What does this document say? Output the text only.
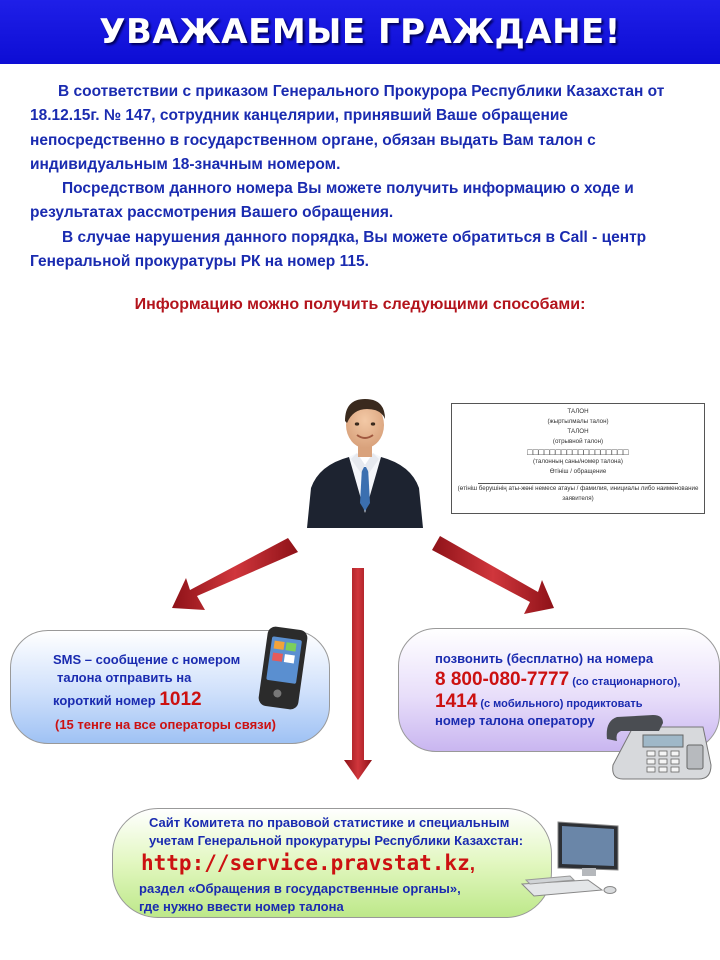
УВАЖАЕМЫЕ ГРАЖДАНЕ!

В соответствии с приказом Генерального Прокурора Республики Казахстан от 18.12.15г. № 147, сотрудник канцелярии, принявший Ваше обращение непосредственно в государственном органе, обязан выдать Вам талон с индивидуальным 18-значным номером.

Посредством данного номера Вы можете получить информацию о ходе и результатах рассмотрения Вашего обращения.

В случае нарушения данного порядка, Вы можете обратиться в Call - центр Генеральной прокуратуры РК на номер 115.

Информацию можно получить следующими способами:
ТАЛОН
(жыртылмалы талон)
ТАЛОН
(отрывной талон)
□□□□□□□□□□□□□□□□□□
(талонның саны/номер талона)
Өтініш / обращение
(өтініш берушінің аты-жөні немесе атауы / фамилия, инициалы либо наименование заявителя)
SMS – сообщение с номером
талона отправить на
короткий номер 1012
(15 тенге на все операторы связи)
позвонить (бесплатно) на номера
8 800-080-7777 (со стационарного),
1414 (с мобильного) продиктовать
номер талона оператору
Сайт Комитета по правовой статистике и специальным
учетам Генеральной прокуратуры Республики Казахстан:
http://service.pravstat.kz,
раздел «Обращения в государственные органы»,
где нужно ввести номер талона
